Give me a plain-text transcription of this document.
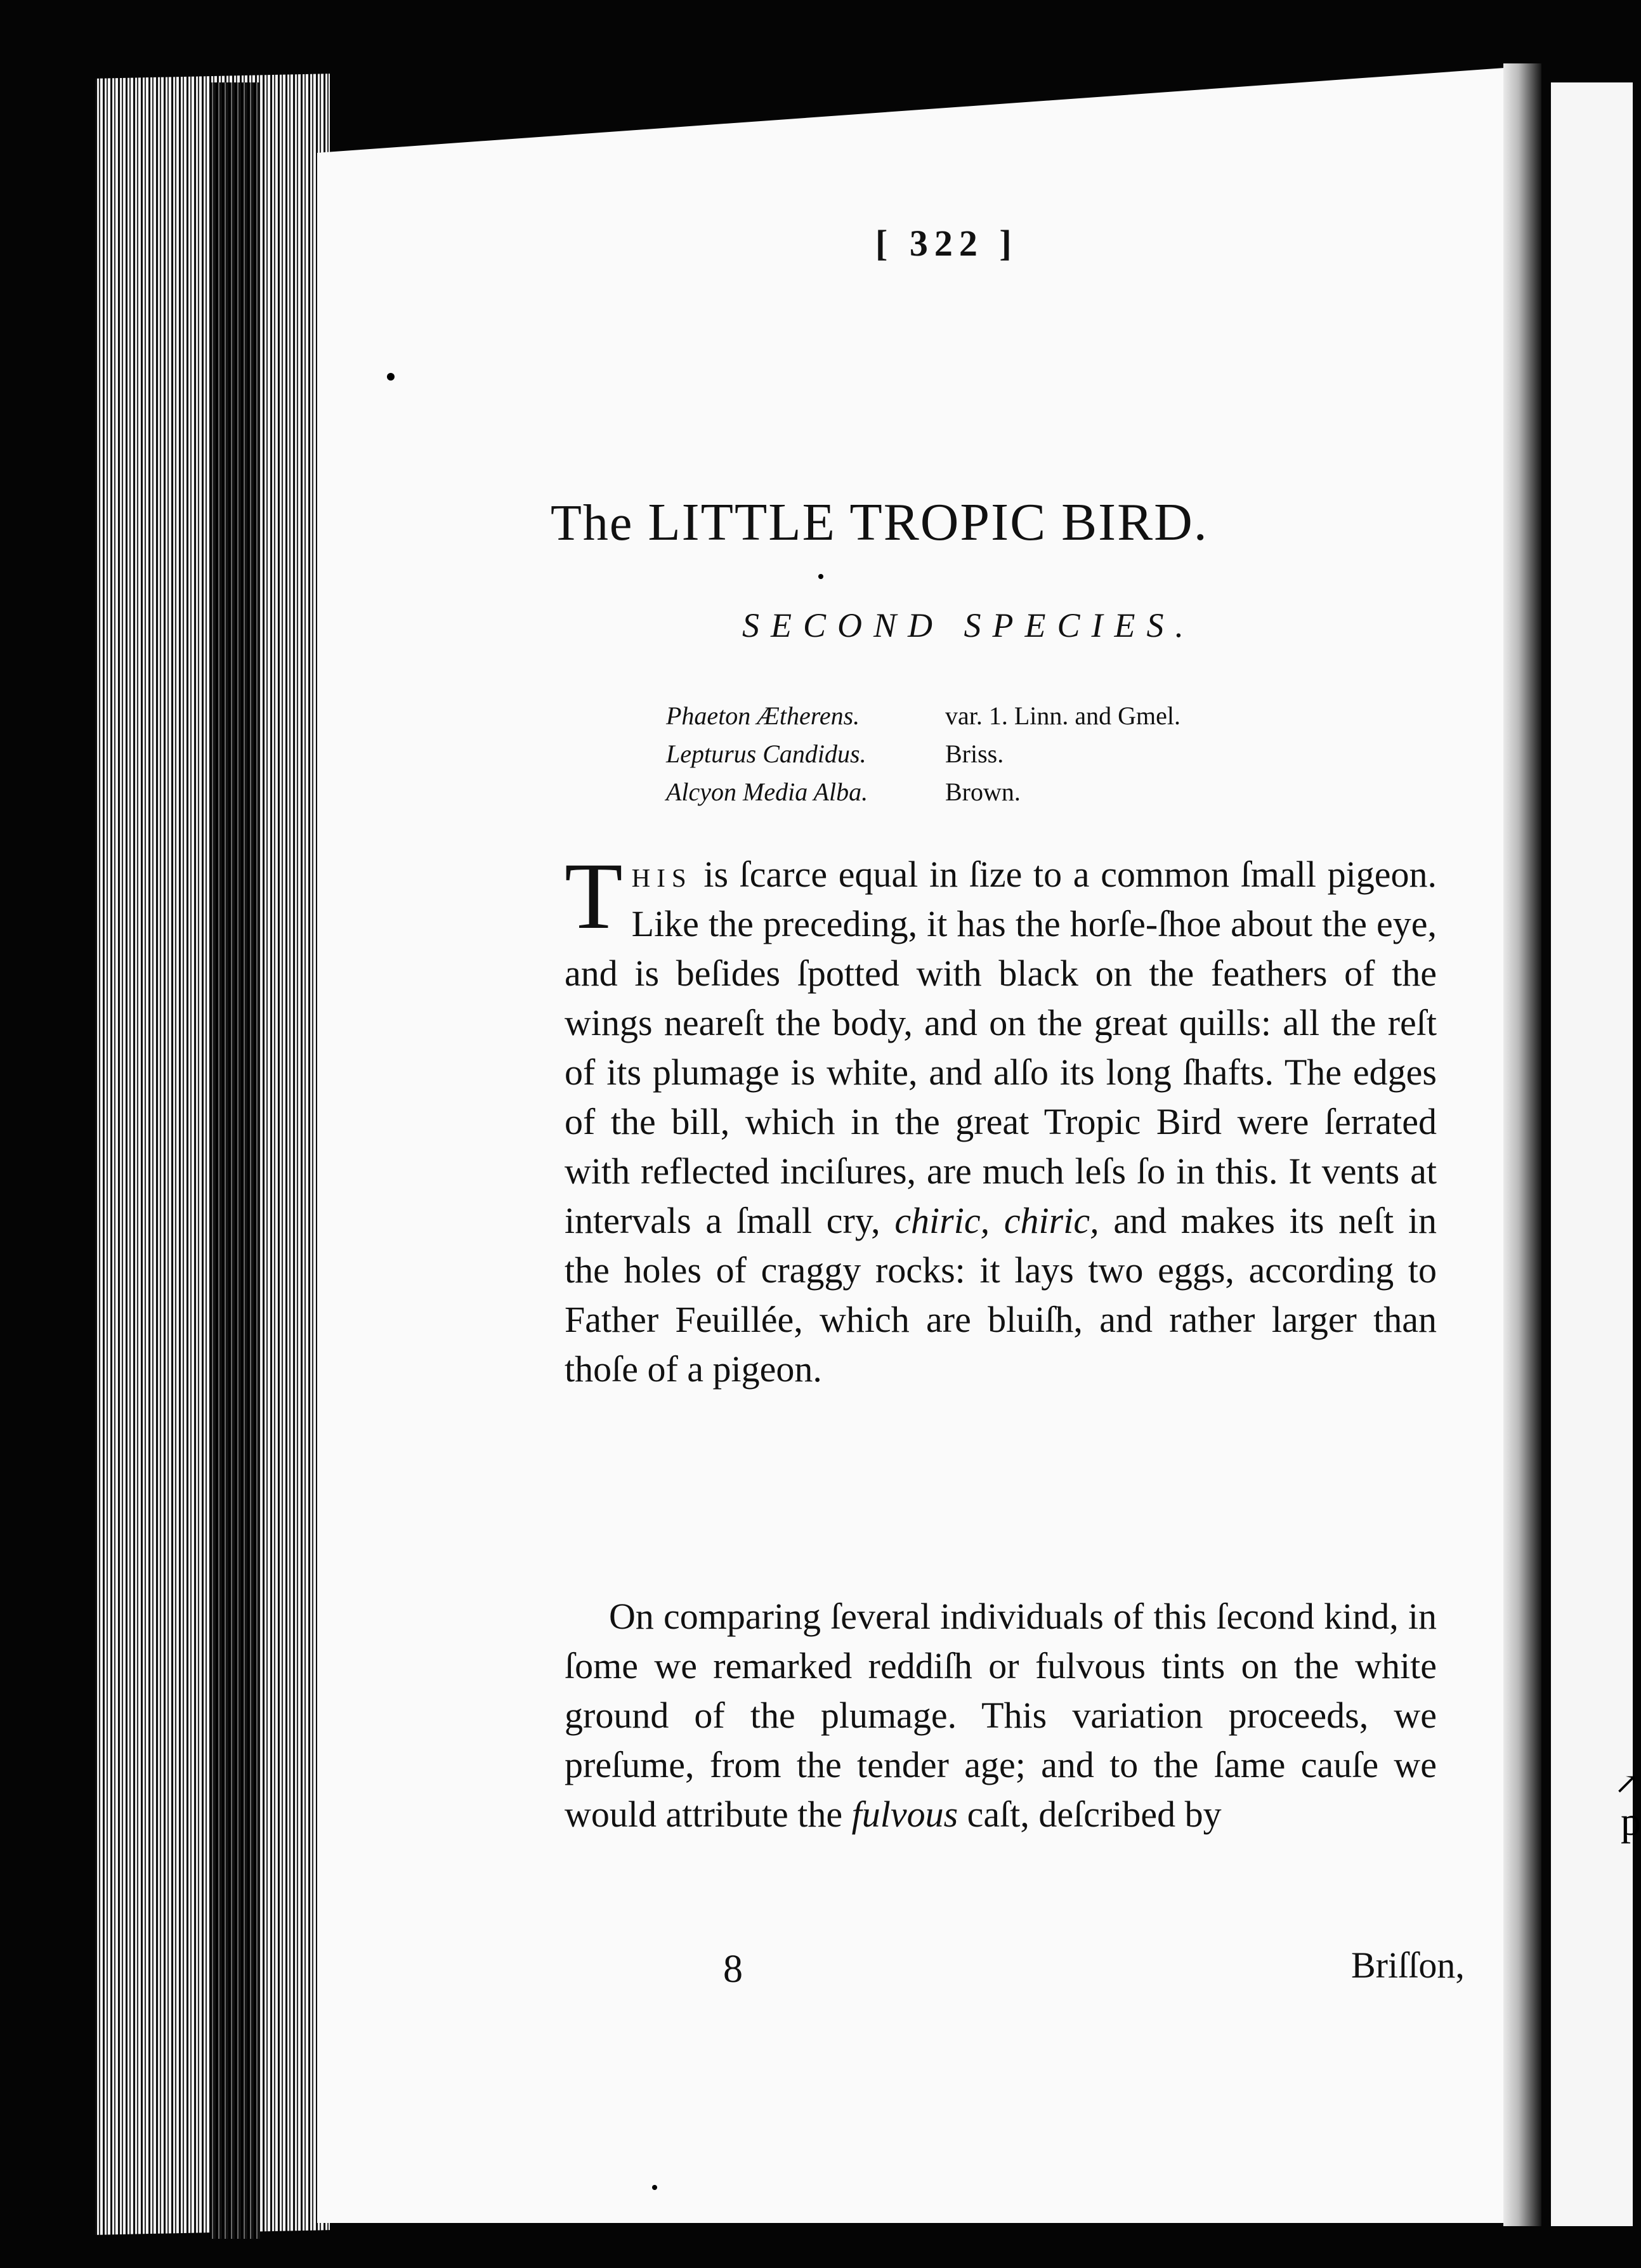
p
↗
[ 322 ]
The LITTLE TROPIC BIRD.
SECOND SPECIES.
Phaeton Ætherens.	var. 1. Linn. and Gmel.
Lepturus Candidus.	Briss.
Alcyon Media Alba.	Brown.

This is ſcarce equal in ſize to a common ſmall pigeon. Like the preceding, it has the horſe-ſhoe about the eye, and is beſides ſpotted with black on the feathers of the wings neareſt the body, and on the great quills: all the reſt of its plumage is white, and alſo its long ſhafts. The edges of the bill, which in the great Tropic Bird were ſerrated with reflected inciſures, are much leſs ſo in this. It vents at intervals a ſmall cry, chiric, chiric, and makes its neſt in the holes of craggy rocks: it lays two eggs, according to Father Feuillée, which are bluiſh, and rather larger than thoſe of a pigeon.

On comparing ſeveral individuals of this ſecond kind, in ſome we remarked reddiſh or fulvous tints on the white ground of the plumage. This variation proceeds, we preſume, from the tender age; and to the ſame cauſe we would attribute the fulvous caſt, deſcribed by

8	Briſſon,
